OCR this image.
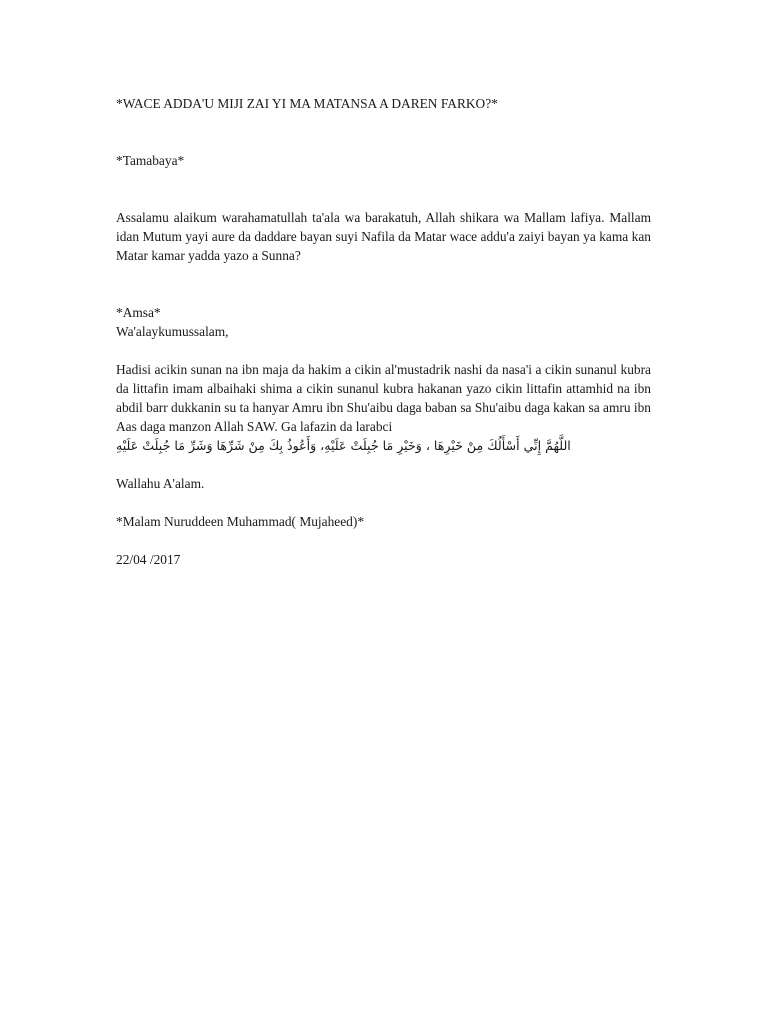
*WACE ADDA'U MIJI ZAI YI MA MATANSA A DAREN FARKO?*
*Tamabaya*
Assalamu alaikum warahamatullah ta'ala wa barakatuh, Allah shikara wa Mallam lafiya. Mallam idan Mutum yayi aure da daddare bayan suyi Nafila da Matar wace addu'a zaiyi bayan ya kama kan Matar kamar yadda yazo a Sunna?
*Amsa*
Wa'alaykumussalam,
Hadisi acikin sunan na ibn maja da hakim a cikin al'mustadrik nashi da nasa'i a cikin sunanul kubra da littafin imam albaihaki shima a cikin sunanul kubra hakanan yazo cikin littafin attamhid na ibn abdil barr dukkanin su ta hanyar Amru ibn Shu'aibu daga baban sa Shu'aibu daga kakan sa amru ibn Aas daga manzon Allah SAW. Ga lafazin da larabci
اللَّهُمَّ إِنِّي أَسْأَلُكَ مِنْ خَيْرِهَا ، وَخَيْرِ مَا جُبِلَتْ عَلَيْهِ، وَأَعُوذُ بِكَ مِنْ شَرِّهَا وَشَرِّ مَا جُبِلَتْ عَلَيْهِ
Wallahu A'alam.
*Malam Nuruddeen Muhammad( Mujaheed)*
22/04 /2017
